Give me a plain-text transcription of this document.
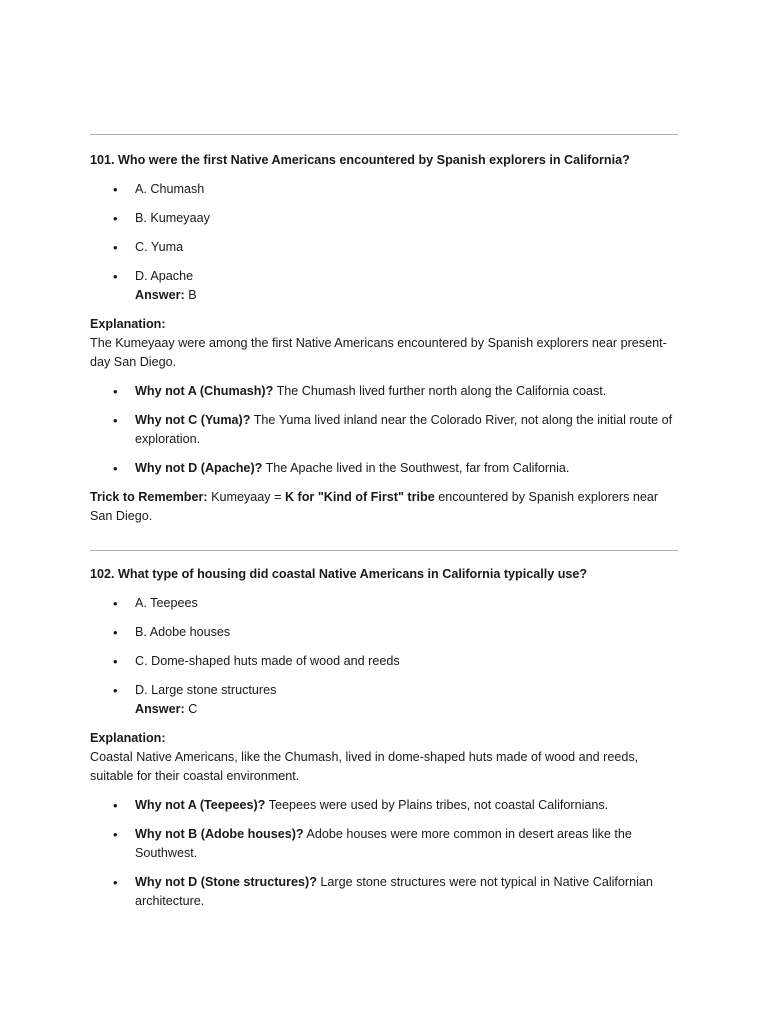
101. Who were the first Native Americans encountered by Spanish explorers in California?

• A. Chumash
• B. Kumeyaay
• C. Yuma
• D. Apache
Answer: B

Explanation:

The Kumeyaay were among the first Native Americans encountered by Spanish explorers near present-day San Diego.

• Why not A (Chumash)? The Chumash lived further north along the California coast.
• Why not C (Yuma)? The Yuma lived inland near the Colorado River, not along the initial route of exploration.
• Why not D (Apache)? The Apache lived in the Southwest, far from California.

Trick to Remember: Kumeyaay = K for "Kind of First" tribe encountered by Spanish explorers near San Diego.

102. What type of housing did coastal Native Americans in California typically use?

• A. Teepees
• B. Adobe houses
• C. Dome-shaped huts made of wood and reeds
• D. Large stone structures
Answer: C

Explanation:

Coastal Native Americans, like the Chumash, lived in dome-shaped huts made of wood and reeds, suitable for their coastal environment.

• Why not A (Teepees)? Teepees were used by Plains tribes, not coastal Californians.
• Why not B (Adobe houses)? Adobe houses were more common in desert areas like the Southwest.
• Why not D (Stone structures)? Large stone structures were not typical in Native Californian architecture.
